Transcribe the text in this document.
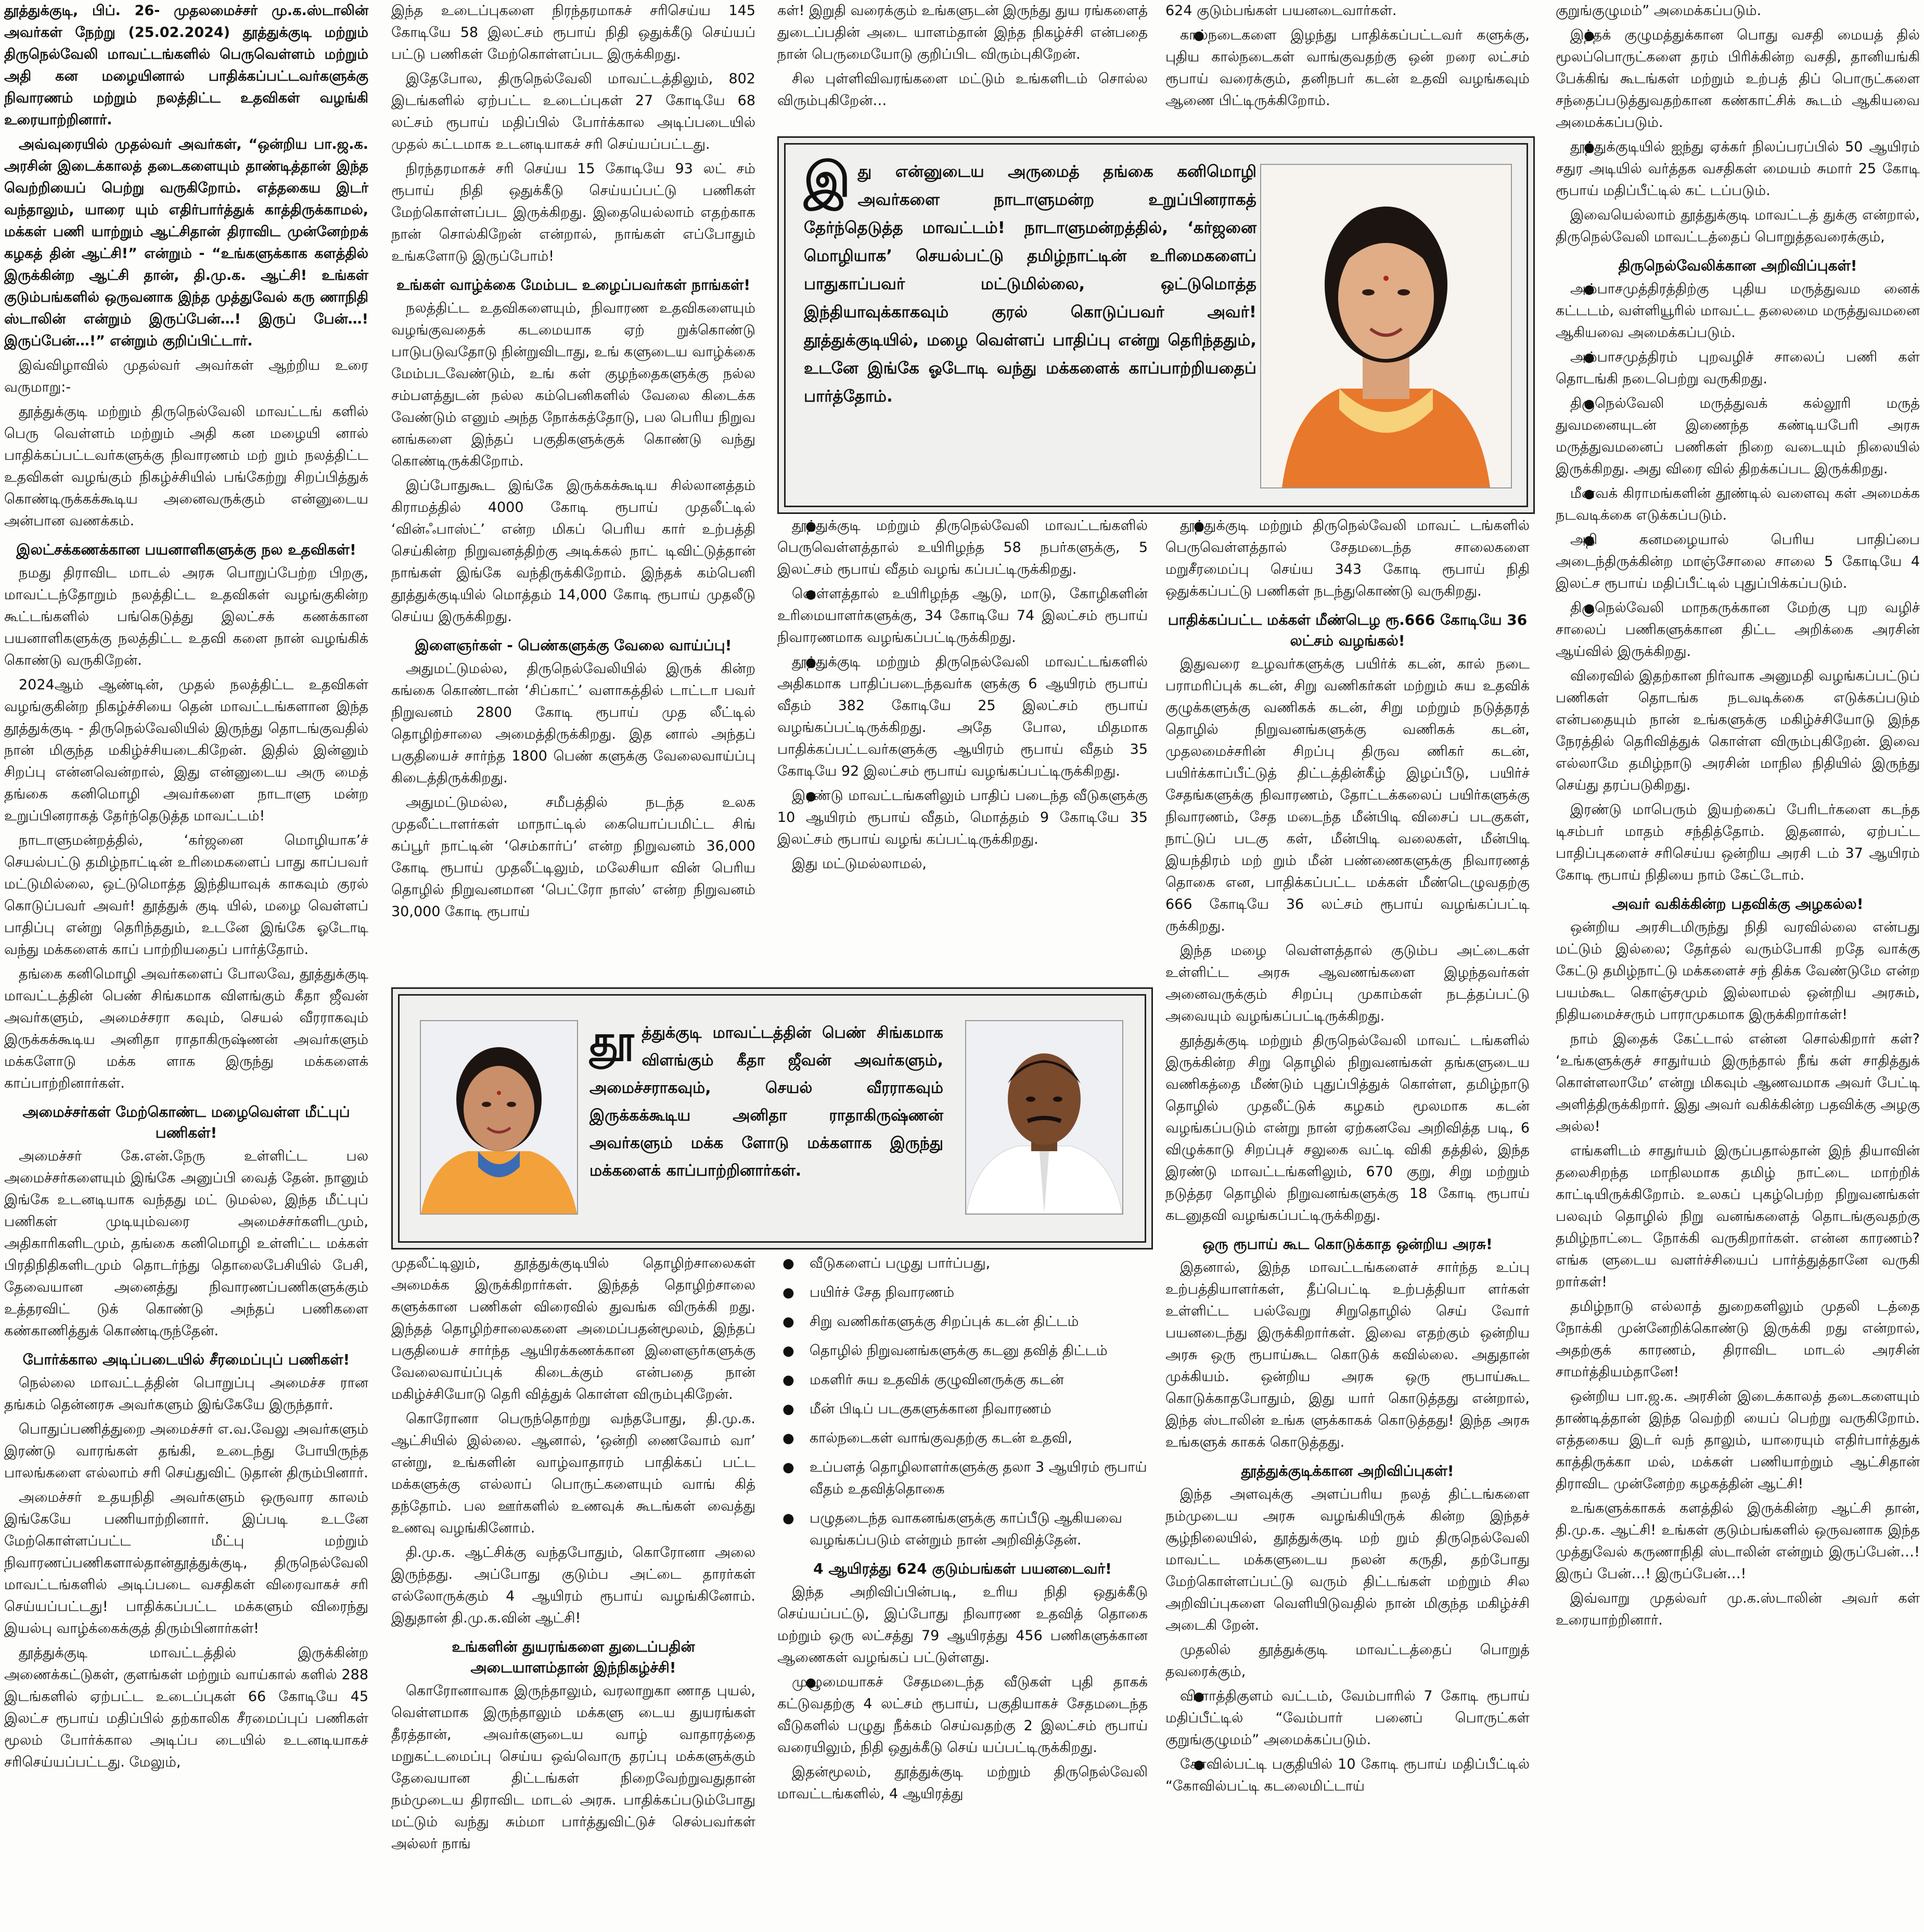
தூத்துக்குடி, பிப். 26- முதலமைச்சர் மு.க.ஸ்டாலின் அவர்கள் நேற்று (25.02.2024) தூத்துக்குடி மற்றும் திருநெல்வேலி மாவட்டங்களில் பெருவெள்ளம் மற்றும் அதி கன மழையினால் பாதிக்கப்பட்டவர்களுக்கு நிவாரணம் மற்றும் நலத்திட்ட உதவிகள் வழங்கி உரையாற்றினார்.

அவ்வுரையில் முதல்வர் அவர்கள், “ஒன்றிய பா.ஜ.க. அரசின் இடைக்காலத் தடைகளையும் தாண்டித்தான் இந்த வெற்றியைப் பெற்று வருகிறோம். எத்தகைய இடர் வந்தாலும், யாரை யும் எதிர்பார்த்துக் காத்திருக்காமல், மக்கள் பணி யாற்றும் ஆட்சிதான் திராவிட முன்னேற்றக் கழகத் தின் ஆட்சி!” என்றும் - “உங்களுக்காக களத்தில் இருக்கின்ற ஆட்சி தான், தி.மு.க. ஆட்சி! உங்கள் குடும்பங்களில் ஒருவனாக இந்த முத்துவேல் கரு ணாநிதி ஸ்டாலின் என்றும் இருப்பேன்…! இருப் பேன்…! இருப்பேன்…!” என்றும் குறிப்பிட்டார்.

இவ்விழாவில் முதல்வர் அவர்கள் ஆற்றிய உரை வருமாறு:-

தூத்துக்குடி மற்றும் திருநெல்வேலி மாவட்டங் களில் பெரு வெள்ளம் மற்றும் அதி கன மழையி னால் பாதிக்கப்பட்டவர்களுக்கு நிவாரணம் மற் றும் நலத்திட்ட உதவிகள் வழங்கும் நிகழ்ச்சியில் பங்கேற்று சிறப்பித்துக் கொண்டிருக்கக்கூடிய அனைவருக்கும் என்னுடைய அன்பான வணக்கம்.

இலட்சக்கணக்கான பயனாளிகளுக்கு நல உதவிகள்!

நமது திராவிட மாடல் அரசு பொறுப்பேற்ற பிறகு, மாவட்டந்தோறும் நலத்திட்ட உதவிகள் வழங்குகின்ற கூட்டங்களில் பங்கெடுத்து இலட்சக் கணக்கான பயனாளிகளுக்கு நலத்திட்ட உதவி களை நான் வழங்கிக் கொண்டு வருகிறேன்.

2024ஆம் ஆண்டின், முதல் நலத்திட்ட உதவிகள் வழங்குகின்ற நிகழ்ச்சியை தென் மாவட்டங்களான இந்த தூத்துக்குடி - திருநெல்வேலியில் இருந்து தொடங்குவதில் நான் மிகுந்த மகிழ்ச்சியடைகிறேன். இதில் இன்னும் சிறப்பு என்னவென்றால், இது என்னுடைய அரு மைத் தங்கை கனிமொழி அவர்களை நாடாளு மன்ற உறுப்பினராகத் தேர்ந்தெடுத்த மாவட்டம்!

நாடாளுமன்றத்தில், ‘கர்ஜனை மொழியாக’ச் செயல்பட்டு தமிழ்நாட்டின் உரிமைகளைப் பாது காப்பவர் மட்டுமில்லை, ஒட்டுமொத்த இந்தியாவுக் காகவும் குரல் கொடுப்பவர் அவர்! தூத்துக் குடி யில், மழை வெள்ளப் பாதிப்பு என்று தெரிந்ததும், உடனே இங்கே ஓடோடி வந்து மக்களைக் காப் பாற்றியதைப் பார்த்தோம்.

தங்கை கனிமொழி அவர்களைப் போலவே, தூத்துக்குடி மாவட்டத்தின் பெண் சிங்கமாக விளங்கும் கீதா ஜீவன் அவர்களும், அமைச்சரா கவும், செயல் வீரராகவும் இருக்கக்கூடிய அனிதா ராதாகிருஷ்ணன் அவர்களும் மக்களோடு மக்க ளாக இருந்து மக்களைக் காப்பாற்றினார்கள்.

அமைச்சர்கள் மேற்கொண்ட மழைவெள்ள மீட்புப் பணிகள்!

அமைச்சர் கே.என்.நேரு உள்ளிட்ட பல அமைச்சர்களையும் இங்கே அனுப்பி வைத் தேன். நானும் இங்கே உடனடியாக வந்தது மட் டுமல்ல, இந்த மீட்புப் பணிகள் முடியும்வரை அமைச்சர்களிடமும், அதிகாரிகளிடமும், தங்கை கனிமொழி உள்ளிட்ட மக்கள் பிரதிநிதிகளிடமும் தொடர்ந்து தொலைபேசியில் பேசி, தேவையான அனைத்து நிவாரணப்பணிகளுக்கும் உத்தரவிட் டுக் கொண்டு அந்தப் பணிகளை கண்காணித்துக் கொண்டிருந்தேன்.

போர்க்கால அடிப்படையில் சீரமைப்புப் பணிகள்!

நெல்லை மாவட்டத்தின் பொறுப்பு அமைச்ச ரான தங்கம் தென்னரசு அவர்களும் இங்கேயே இருந்தார்.

பொதுப்பணித்துறை அமைச்சர் எ.வ.வேலு அவர்களும் இரண்டு வாரங்கள் தங்கி, உடைந்து போயிருந்த பாலங்களை எல்லாம் சரி செய்துவிட் டுதான் திரும்பினார்.

அமைச்சர் உதயநிதி அவர்களும் ஒருவார காலம் இங்கேயே பணியாற்றினார். இப்படி உடனே மேற்கொள்ளப்பட்ட மீட்பு மற்றும் நிவாரணப்பணிகளால்தான்தூத்துக்குடி, திருநெல்வேலி மாவட்டங்களில் அடிப்படை வசதிகள் விரைவாகச் சரி செய்யப்பட்டது! பாதிக்கப்பட்ட மக்களும் விரைந்து இயல்பு வாழ்க்கைக்குத் திரும்பினார்கள்!

தூத்துக்குடி மாவட்டத்தில் இருக்கின்ற அணைக்கட்டுகள், குளங்கள் மற்றும் வாய்கால் களில் 288 இடங்களில் ஏற்பட்ட உடைப்புகள் 66 கோடியே 45 இலட்ச ரூபாய் மதிப்பில் தற்காலிக சீரமைப்புப் பணிகள் மூலம் போர்க்கால அடிப்ப டையில் உடனடியாகச் சரிசெய்யப்பட்டது. மேலும்,

இந்த உடைப்புகளை நிரந்தரமாகச் சரிசெய்ய 145 கோடியே 58 இலட்சம் ரூபாய் நிதி ஒதுக்கீடு செய்யப் பட்டு பணிகள் மேற்கொள்ளப்பட இருக்கிறது.

இதேபோல, திருநெல்வேலி மாவட்டத்திலும், 802 இடங்களில் ஏற்பட்ட உடைப்புகள் 27 கோடியே 68 லட்சம் ரூபாய் மதிப்பில் போர்க்கால அடிப்படையில் முதல் கட்டமாக உடனடியாகச் சரி செய்யப்பட்டது.

நிரந்தரமாகச் சரி செய்ய 15 கோடியே 93 லட் சம் ரூபாய் நிதி ஒதுக்கீடு செய்யப்பட்டு பணிகள் மேற்கொள்ளப்பட இருக்கிறது. இதையெல்லாம் எதற்காக நான் சொல்கிறேன் என்றால், நாங்கள் எப்போதும் உங்களோடு இருப்போம்!

உங்கள் வாழ்க்கை மேம்பட உழைப்பவர்கள் நாங்கள்!

நலத்திட்ட உதவிகளையும், நிவாரண உதவிகளையும் வழங்குவதைக் கடமையாக ஏற் றுக்கொண்டு பாடுபடுவதோடு நின்றுவிடாது, உங் களுடைய வாழ்க்கை மேம்படவேண்டும், உங் கள் குழந்தைகளுக்கு நல்ல சம்பளத்துடன் நல்ல கம்பெனிகளில் வேலை கிடைக்க வேண்டும் எனும் அந்த நோக்கத்தோடு, பல பெரிய நிறுவ னங்களை இந்தப் பகுதிகளுக்குக் கொண்டு வந்து கொண்டிருக்கிறோம்.

இப்போதுகூட இங்கே இருக்கக்கூடிய சில்லானத்தம் கிராமத்தில் 4000 கோடி ரூபாய் முதலீட்டில் ‘வின்ஃபாஸ்ட்’ என்ற மிகப் பெரிய கார் உற்பத்தி செய்கின்ற நிறுவனத்திற்கு அடிக்கல் நாட் டிவிட்டுத்தான் நாங்கள் இங்கே வந்திருக்கிறோம். இந்தக் கம்பெனி தூத்துக்குடியில் மொத்தம் 14,000 கோடி ரூபாய் முதலீடு செய்ய இருக்கிறது.

இளைஞர்கள் - பெண்களுக்கு வேலை வாய்ப்பு!

அதுமட்டுமல்ல, திருநெல்வேலியில் இருக் கின்ற கங்கை கொண்டான் ‘சிப்காட்’ வளாகத்தில் டாட்டா பவர் நிறுவனம் 2800 கோடி ரூபாய் முத லீட்டில் தொழிற்சாலை அமைத்திருக்கிறது. இத னால் அந்தப் பகுதியைச் சார்ந்த 1800 பெண் களுக்கு வேலைவாய்ப்பு கிடைத்திருக்கிறது.

அதுமட்டுமல்ல, சமீபத்தில் நடந்த உலக முதலீட்டாளர்கள் மாநாட்டில் கையொப்பமிட்ட சிங் கப்பூர் நாட்டின் ‘செம்கார்ப்’ என்ற நிறுவனம் 36,000 கோடி ரூபாய் முதலீட்டிலும், மலேசியா வின் பெரிய தொழில் நிறுவனமான ‘பெட்ரோ நாஸ்’ என்ற நிறுவனம் 30,000 கோடி ரூபாய்

கள்! இறுதி வரைக்கும் உங்களுடன் இருந்து துய ரங்களைத் துடைப்பதின் அடை யாளம்தான் இந்த நிகழ்ச்சி என்பதை நான் பெருமையோடு குறிப்பிட விரும்புகிறேன்.

சில புள்ளிவிவரங்களை மட்டும் உங்களிடம் சொல்ல விரும்புகிறேன்…

624 குடும்பங்கள் பயனடைவார்கள்.

● கால்நடைகளை இழந்து பாதிக்கப்பட்டவர் களுக்கு, புதிய கால்நடைகள் வாங்குவதற்கு ஒன் றரை லட்சம் ரூபாய் வரைக்கும், தனிநபர் கடன் உதவி வழங்கவும் ஆணை பிட்டிருக்கிறோம்.

குறுங்குழுமம்” அமைக்கப்படும்.

● இந்தக் குழுமத்துக்கான பொது வசதி மையத் தில் மூலப்பொருட்களை தரம் பிரிக்கின்ற வசதி, தானியங்கி பேக்கிங் கூடங்கள் மற்றும் உற்பத் திப் பொருட்களை சந்தைப்படுத்துவதற்கான கண்காட்சிக் கூடம் ஆகியவை அமைக்கப்படும்.

● தூத்துக்குடியில் ஐந்து ஏக்கர் நிலப்பரப்பில் 50 ஆயிரம் சதுர அடியில் வர்த்தக வசதிகள் மையம் சுமார் 25 கோடி ரூபாய் மதிப்பீட்டில் கட் டப்படும்.

இவையெல்லாம் தூத்துக்குடி மாவட்டத் துக்கு என்றால், திருநெல்வேலி மாவட்டத்தைப் பொறுத்தவரைக்கும்,

திருநெல்வேலிக்கான அறிவிப்புகள்!

● அம்பாசமுத்திரத்திற்கு புதிய மருத்துவம னைக் கட்டடம், வள்ளியூரில் மாவட்ட தலைமை மருத்துவமனை ஆகியவை அமைக்கப்படும்.

● அம்பாசமுத்திரம் புறவழிச் சாலைப் பணி கள் தொடங்கி நடைபெற்று வருகிறது.

● திருநெல்வேலி மருத்துவக் கல்லூரி மருத் துவமனையுடன் இணைந்த கண்டியபேரி அரசு மருத்துவமனைப் பணிகள் நிறை வடையும் நிலையில் இருக்கிறது. அது விரை வில் திறக்கப்பட இருக்கிறது.

● மீனவக் கிராமங்களின் தூண்டில் வளைவு கள் அமைக்க நடவடிக்கை எடுக்கப்படும்.

● அதி கனமழையால் பெரிய பாதிப்பை அடைந்திருக்கின்ற மாஞ்சோலை சாலை 5 கோடியே 4 இலட்ச ரூபாய் மதிப்பீட்டில் புதுப்பிக்கப்படும்.

● திருநெல்வேலி மாநகருக்கான மேற்கு புற வழிச் சாலைப் பணிகளுக்கான திட்ட அறிக்கை அரசின் ஆய்வில் இருக்கிறது.

விரைவில் இதற்கான நிர்வாக அனுமதி வழங்கப்பட்டுப் பணிகள் தொடங்க நடவடிக்கை எடுக்கப்படும் என்பதையும் நான் உங்களுக்கு மகிழ்ச்சியோடு இந்த நேரத்தில் தெரிவித்துக் கொள்ள விரும்புகிறேன். இவை எல்லாமே தமிழ்நாடு அரசின் மாநில நிதியில் இருந்து செய்து தரப்படுகிறது.

இரண்டு மாபெரும் இயற்கைப் பேரிடர்களை கடந்த டிசம்பர் மாதம் சந்தித்தோம். இதனால், ஏற்பட்ட பாதிப்புகளைச் சரிசெய்ய ஒன்றிய அரசி டம் 37 ஆயிரம் கோடி ரூபாய் நிதியை நாம் கேட்டோம்.

அவர் வகிக்கின்ற பதவிக்கு அழகல்ல!

ஒன்றிய அரசிடமிருந்து நிதி வரவில்லை என்பது மட்டும் இல்லை; தேர்தல் வரும்போகி றதே வாக்கு கேட்டு தமிழ்நாட்டு மக்களைச் சந் திக்க வேண்டுமே என்ற பயம்கூட கொஞ்சமும் இல்லாமல் ஒன்றிய அரசும், நிதியமைச்சரும் பாராமுகமாக இருக்கிறார்கள்!

நாம் இதைக் கேட்டால் என்ன சொல்கிறார் கள்? ‘உங்களுக்குச் சாதுர்யம் இருந்தால் நீங் கள் சாதித்துக் கொள்ளலாமே’ என்று மிகவும் ஆணவமாக அவர் பேட்டி அளித்திருக்கிறார். இது அவர் வகிக்கின்ற பதவிக்கு அழகு அல்ல!

எங்களிடம் சாதுர்யம் இருப்பதால்தான் இந் தியாவின் தலைசிறந்த மாநிலமாக தமிழ் நாட்டை மாற்றிக் காட்டியிருக்கிறோம். உலகப் புகழ்பெற்ற நிறுவனங்கள் பலவும் தொழில் நிறு வனங்களைத் தொடங்குவதற்கு தமிழ்நாட்டை நோக்கி வருகிறார்கள். என்ன காரணம்? எங்க ளுடைய வளர்ச்சியைப் பார்த்துத்தானே வருகி றார்கள்!

தமிழ்நாடு எல்லாத் துறைகளிலும் முதலி டத்தை நோக்கி முன்னேறிக்கொண்டு இருக்கி றது என்றால், அதற்குக் காரணம், திராவிட மாடல் அரசின் சாமர்த்தியம்தானே!

ஒன்றிய பா.ஜ.க. அரசின் இடைக்காலத் தடைகளையும் தாண்டித்தான் இந்த வெற்றி யைப் பெற்று வருகிறோம். எத்தகைய இடர் வந் தாலும், யாரையும் எதிர்பார்த்துக் காத்திருக்கா மல், மக்கள் பணியாற்றும் ஆட்சிதான் திராவிட முன்னேற்ற கழகத்தின் ஆட்சி!

உங்களுக்காகக் களத்தில் இருக்கின்ற ஆட்சி தான், தி.மு.க. ஆட்சி! உங்கள் குடும்பங்களில் ஒருவனாக இந்த முத்துவேல் கருணாநிதி ஸ்டாலின் என்றும் இருப்பேன்…! இருப் பேன்…! இருப்பேன்…!

இவ்வாறு முதல்வர் மு.க.ஸ்டாலின் அவர் கள் உரையாற்றினார்.

இ து என்னுடைய அருமைத் தங்கை கனிமொழி அவர்களை நாடாளுமன்ற உறுப்பினராகத் தேர்ந்தெடுத்த மாவட்டம்! நாடாளுமன்றத்தில், ‘கர்ஜனை மொழியாக’ செயல்பட்டு தமிழ்நாட்டின் உரிமைகளைப் பாதுகாப்பவர் மட்டுமில்லை, ஒட்டுமொத்த இந்தியாவுக்காகவும் குரல் கொடுப்பவர் அவர்! தூத்துக்குடியில், மழை வெள்ளப் பாதிப்பு என்று தெரிந்ததும், உடனே இங்கே ஓடோடி வந்து மக்களைக் காப்பாற்றியதைப் பார்த்தோம்.

● தூத்துக்குடி மற்றும் திருநெல்வேலி மாவட்டங்களில் பெருவெள்ளத்தால் உயிரிழந்த 58 நபர்களுக்கு, 5 இலட்சம் ரூபாய் வீதம் வழங் கப்பட்டிருக்கிறது.

● வெள்ளத்தால் உயிரிழந்த ஆடு, மாடு, கோழிகளின் உரிமையாளர்களுக்கு, 34 கோடியே 74 இலட்சம் ரூபாய் நிவாரணமாக வழங்கப்பட்டிருக்கிறது.

● தூத்துக்குடி மற்றும் திருநெல்வேலி மாவட்டங்களில் அதிகமாக பாதிப்படைந்தவர்க ளுக்கு 6 ஆயிரம் ரூபாய் வீதம் 382 கோடியே 25 இலட்சம் ரூபாய் வழங்கப்பட்டிருக்கிறது. அதே போல, மிதமாக பாதிக்கப்பட்டவர்களுக்கு ஆயிரம் ரூபாய் வீதம் 35 கோடியே 92 இலட்சம் ரூபாய் வழங்கப்பட்டிருக்கிறது.

● இரண்டு மாவட்டங்களிலும் பாதிப் படைந்த வீடுகளுக்கு 10 ஆயிரம் ரூபாய் வீதம், மொத்தம் 9 கோடியே 35 இலட்சம் ரூபாய் வழங் கப்பட்டிருக்கிறது.

இது மட்டுமல்லாமல்,

● தூத்துக்குடி மற்றும் திருநெல்வேலி மாவட் டங்களில் பெருவெள்ளத்தால் சேதமடைந்த சாலைகளை மறுசீரமைப்பு செய்ய 343 கோடி ரூபாய் நிதி ஒதுக்கப்பட்டு பணிகள் நடந்துகொண்டு வருகிறது.

பாதிக்கப்பட்ட மக்கள் மீண்டெழ ரூ.666 கோடியே 36 லட்சம் வழங்கல்!

இதுவரை உழவர்களுக்கு பயிர்க் கடன், கால் நடை பராமரிப்புக் கடன், சிறு வணிகர்கள் மற்றும் சுய உதவிக் குழுக்களுக்கு வணிகக் கடன், சிறு மற்றும் நடுத்தரத் தொழில் நிறுவனங்களுக்கு வணிகக் கடன், முதலமைச்சரின் சிறப்பு திருவ ணிகர் கடன், பயிர்க்காப்பீட்டுத் திட்டத்தின்கீழ் இழப்பீடு, பயிர்ச் சேதங்களுக்கு நிவாரணம், தோட்டக்கலைப் பயிர்களுக்கு நிவாரணம், சேத மடைந்த மீன்பிடி விசைப் படகுகள், நாட்டுப் படகு கள், மீன்பிடி வலைகள், மீன்பிடி இயந்திரம் மற் றும் மீன் பண்ணைகளுக்கு நிவாரணத் தொகை என, பாதிக்கப்பட்ட மக்கள் மீண்டெழுவதற்கு 666 கோடியே 36 லட்சம் ரூபாய் வழங்கப்பட்டி ருக்கிறது.

இந்த மழை வெள்ளத்தால் குடும்ப அட்டைகள் உள்ளிட்ட அரசு ஆவணங்களை இழந்தவர்கள் அனைவருக்கும் சிறப்பு முகாம்கள் நடத்தப்பட்டு அவையும் வழங்கப்பட்டிருக்கிறது.

தூத்துக்குடி மற்றும் திருநெல்வேலி மாவட் டங்களில் இருக்கின்ற சிறு தொழில் நிறுவனங்கள் தங்களுடைய வணிகத்தை மீண்டும் புதுப்பித்துக் கொள்ள, தமிழ்நாடு தொழில் முதலீட்டுக் கழகம் மூலமாக கடன் வழங்கப்படும் என்று நான் ஏற்கனவே அறிவித்த படி, 6 விழுக்காடு சிறப்புச் சலுகை வட்டி விகி தத்தில், இந்த இரண்டு மாவட்டங்களிலும், 670 குறு, சிறு மற்றும் நடுத்தர தொழில் நிறுவனங்களுக்கு 18 கோடி ரூபாய் கடனுதவி வழங்கப்பட்டிருக்கிறது.

ஒரு ரூபாய் கூட கொடுக்காத ஒன்றிய அரசு!

இதனால், இந்த மாவட்டங்களைச் சார்ந்த உப்பு உற்பத்தியாளர்கள், தீப்பெட்டி உற்பத்தியா ளர்கள் உள்ளிட்ட பல்வேறு சிறுதொழில் செய் வோர் பயனடைந்து இருக்கிறார்கள். இவை எதற்கும் ஒன்றிய அரசு ஒரு ரூபாய்கூட கொடுக் கவில்லை. அதுதான் முக்கியம். ஒன்றிய அரசு ஒரு ரூபாய்கூட கொடுக்காதபோதும், இது யார் கொடுத்தது என்றால், இந்த ஸ்டாலின் உங்க ளுக்காகக் கொடுத்தது! இந்த அரசு உங்களுக் காகக் கொடுத்தது.

தூத்துக்குடிக்கான அறிவிப்புகள்!

இந்த அளவுக்கு அளப்பரிய நலத் திட்டங்களை நம்முடைய அரசு வழங்கியிருக் கின்ற இந்தச் சூழ்நிலையில், தூத்துக்குடி மற் றும் திருநெல்வேலி மாவட்ட மக்களுடைய நலன் கருதி, தற்போது மேற்கொள்ளப்பட்டு வரும் திட்டங்கள் மற்றும் சில அறிவிப்புகளை வெளியிடுவதில் நான் மிகுந்த மகிழ்ச்சி அடைகி றேன்.

முதலில் தூத்துக்குடி மாவட்டத்தைப் பொறுத் தவரைக்கும்,

● விளாத்திகுளம் வட்டம், வேம்பாரில் 7 கோடி ரூபாய் மதிப்பீட்டில் “வேம்பார் பனைப் பொருட்கள் குறுங்குழுமம்” அமைக்கப்படும்.

● கோவில்பட்டி பகுதியில் 10 கோடி ரூபாய் மதிப்பீட்டில் “கோவில்பட்டி கடலைமிட்டாய்

தூ த்துக்குடி மாவட்டத்தின் பெண் சிங்கமாக விளங்கும் கீதா ஜீவன் அவர்களும், அமைச்சராகவும், செயல் வீரராகவும் இருக்கக்கூடிய அனிதா ராதாகிருஷ்ணன் அவர்களும் மக்க ளோடு மக்களாக இருந்து மக்களைக் காப்பாற்றினார்கள்.

முதலீட்டிலும், தூத்துக்குடியில் தொழிற்சாலைகள் அமைக்க இருக்கிறார்கள். இந்தத் தொழிற்சாலை களுக்கான பணிகள் விரைவில் துவங்க விருக்கி றது. இந்தத் தொழிற்சாலைகளை அமைப்பதன்மூலம், இந்தப் பகுதியைச் சார்ந்த ஆயிரக்கணக்கான இளைஞர்களுக்கு வேலைவாய்ப்புக் கிடைக்கும் என்பதை நான் மகிழ்ச்சியோடு தெரி வித்துக் கொள்ள விரும்புகிறேன்.

கொரோனா பெருந்தொற்று வந்தபோது, தி.மு.க. ஆட்சியில் இல்லை. ஆனால், ‘ஒன்றி ணைவோம் வா’ என்று, உங்களின் வாழ்வாதாரம் பாதிக்கப் பட்ட மக்களுக்கு எல்லாப் பொருட்களையும் வாங் கித் தந்தோம். பல ஊர்களில் உணவுக் கூடங்கள் வைத்து உணவு வழங்கினோம்.

தி.மு.க. ஆட்சிக்கு வந்தபோதும், கொரோனா அலை இருந்தது. அப்போது குடும்ப அட்டை தாரர்கள் எல்லோருக்கும் 4 ஆயிரம் ரூபாய் வழங்கினோம். இதுதான் தி.மு.க.வின் ஆட்சி!

உங்களின் துயரங்களை துடைப்பதின் அடையாளம்தான் இந்நிகழ்ச்சி!

கொரோனாவாக இருந்தாலும், வரலாறுகா ணாத புயல், வெள்ளமாக இருந்தாலும் மக்களு டைய துயரங்கள் தீரத்தான், அவர்களுடைய வாழ் வாதாரத்தை மறுகட்டமைப்பு செய்ய ஒவ்வொரு தரப்பு மக்களுக்கும் தேவையான திட்டங்கள் நிறைவேற்றுவதுதான் நம்முடைய திராவிட மாடல் அரசு. பாதிக்கப்படும்போது மட்டும் வந்து சும்மா பார்த்துவிட்டுச் செல்பவர்கள் அல்லர் நாங்

● வீடுகளைப் பழுது பார்ப்பது,
● பயிர்ச் சேத நிவாரணம்
● சிறு வணிகர்களுக்கு சிறப்புக் கடன் திட்டம்
● தொழில் நிறுவனங்களுக்கு கடனு தவித் திட்டம்
● மகளிர் சுய உதவிக் குழுவினருக்கு கடன்
● மீன் பிடிப் படகுகளுக்கான நிவாரணம்
● கால்நடைகள் வாங்குவதற்கு கடன் உதவி,
● உப்பளத் தொழிலாளர்களுக்கு தலா 3 ஆயிரம் ரூபாய் வீதம் உதவித்தொகை
● பழுதடைந்த வாகனங்களுக்கு காப்பீடு ஆகியவை வழங்கப்படும் என்றும் நான் அறிவித்தேன்.
4 ஆயிரத்து 624 குடும்பங்கள் பயனடைவர்!

இந்த அறிவிப்பின்படி, உரிய நிதி ஒதுக்கீடு செய்யப்பட்டு, இப்போது நிவாரண உதவித் தொகை மற்றும் ஒரு லட்சத்து 79 ஆயிரத்து 456 பணிகளுக்கான ஆணைகள் வழங்கப் பட்டுள்ளது.

● முழுமையாகச் சேதமடைந்த வீடுகள் புதி தாகக் கட்டுவதற்கு 4 லட்சம் ரூபாய், பகுதியாகச் சேதமடைந்த வீடுகளில் பழுது நீக்கம் செய்வதற்கு 2 இலட்சம் ரூபாய் வரையிலும், நிதி ஒதுக்கீடு செய் யப்பட்டிருக்கிறது.

இதன்மூலம், தூத்துக்குடி மற்றும் திருநெல்வேலி மாவட்டங்களில், 4 ஆயிரத்து
